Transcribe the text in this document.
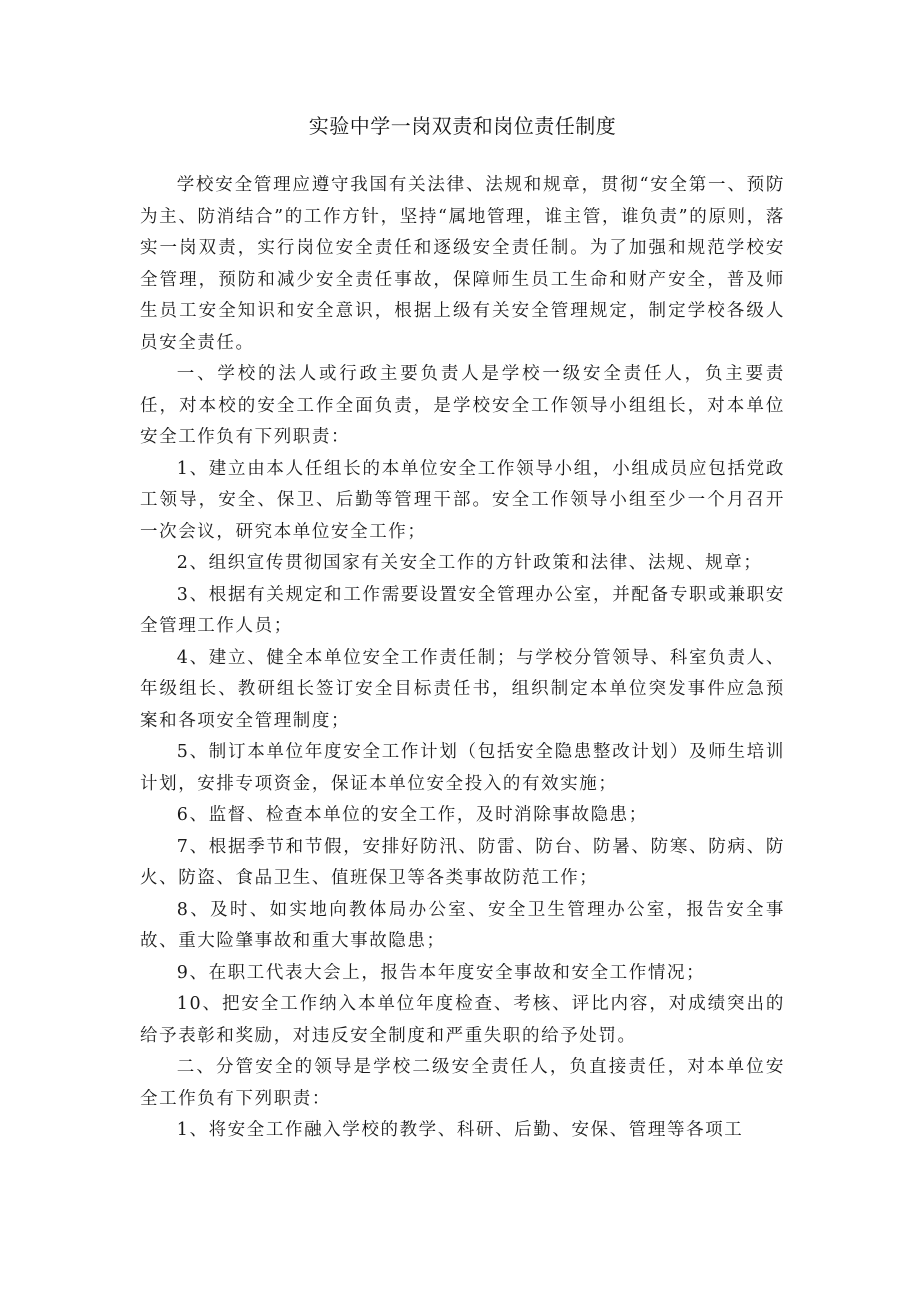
实验中学一岗双责和岗位责任制度

学校安全管理应遵守我国有关法律、法规和规章，贯彻“安全第一、预防为主、防消结合”的工作方针，坚持“属地管理，谁主管，谁负责”的原则，落实一岗双责，实行岗位安全责任和逐级安全责任制。为了加强和规范学校安全管理，预防和减少安全责任事故，保障师生员工生命和财产安全，普及师生员工安全知识和安全意识，根据上级有关安全管理规定，制定学校各级人员安全责任。

一、学校的法人或行政主要负责人是学校一级安全责任人，负主要责任，对本校的安全工作全面负责，是学校安全工作领导小组组长，对本单位安全工作负有下列职责：

1、建立由本人任组长的本单位安全工作领导小组，小组成员应包括党政工领导，安全、保卫、后勤等管理干部。安全工作领导小组至少一个月召开一次会议，研究本单位安全工作；

2、组织宣传贯彻国家有关安全工作的方针政策和法律、法规、规章；

3、根据有关规定和工作需要设置安全管理办公室，并配备专职或兼职安全管理工作人员；

4、建立、健全本单位安全工作责任制；与学校分管领导、科室负责人、年级组长、教研组长签订安全目标责任书，组织制定本单位突发事件应急预案和各项安全管理制度；

5、制订本单位年度安全工作计划（包括安全隐患整改计划）及师生培训计划，安排专项资金，保证本单位安全投入的有效实施；

6、监督、检查本单位的安全工作，及时消除事故隐患；

7、根据季节和节假，安排好防汛、防雷、防台、防暑、防寒、防病、防火、防盗、食品卫生、值班保卫等各类事故防范工作；

8、及时、如实地向教体局办公室、安全卫生管理办公室，报告安全事故、重大险肇事故和重大事故隐患；

9、在职工代表大会上，报告本年度安全事故和安全工作情况；

10、把安全工作纳入本单位年度检查、考核、评比内容，对成绩突出的给予表彰和奖励，对违反安全制度和严重失职的给予处罚。

二、分管安全的领导是学校二级安全责任人，负直接责任，对本单位安全工作负有下列职责：

1、将安全工作融入学校的教学、科研、后勤、安保、管理等各项工
